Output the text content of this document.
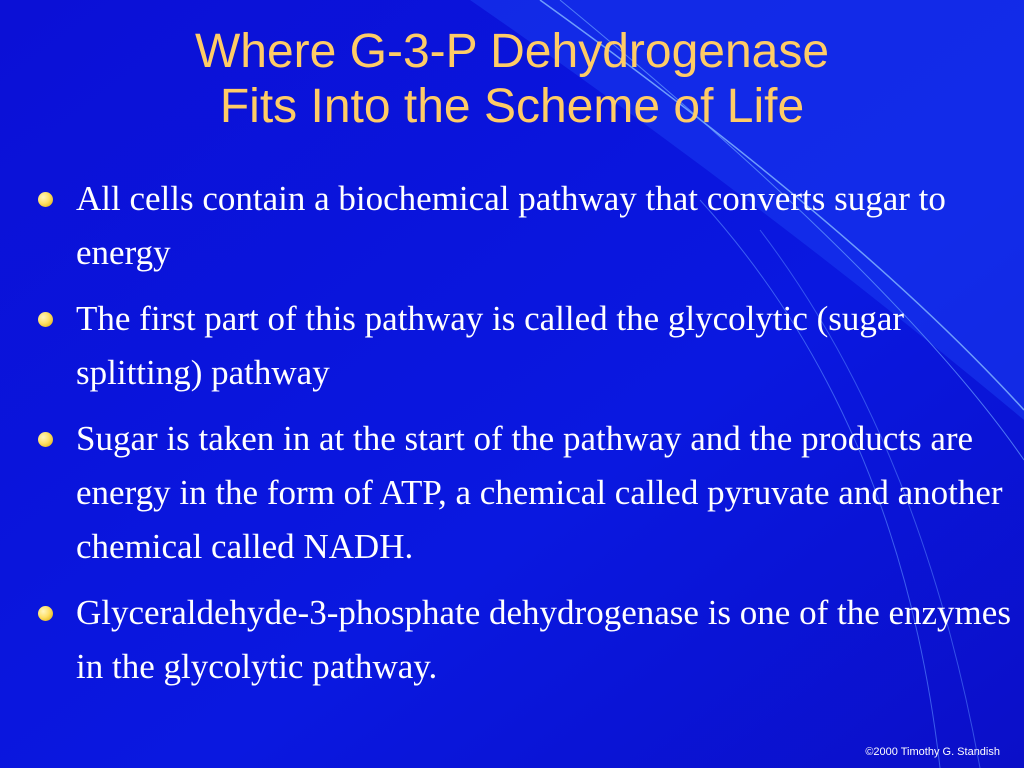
Where G-3-P Dehydrogenase
Fits Into the Scheme of Life
All cells contain a biochemical pathway that converts sugar to energy
The first part of this pathway is called the glycolytic (sugar splitting) pathway
Sugar is taken in at the start of the pathway and the products are energy in the form of ATP, a chemical called pyruvate and another chemical called NADH.
Glyceraldehyde-3-phosphate dehydrogenase is one of the enzymes in the glycolytic pathway.
©2000 Timothy G. Standish
